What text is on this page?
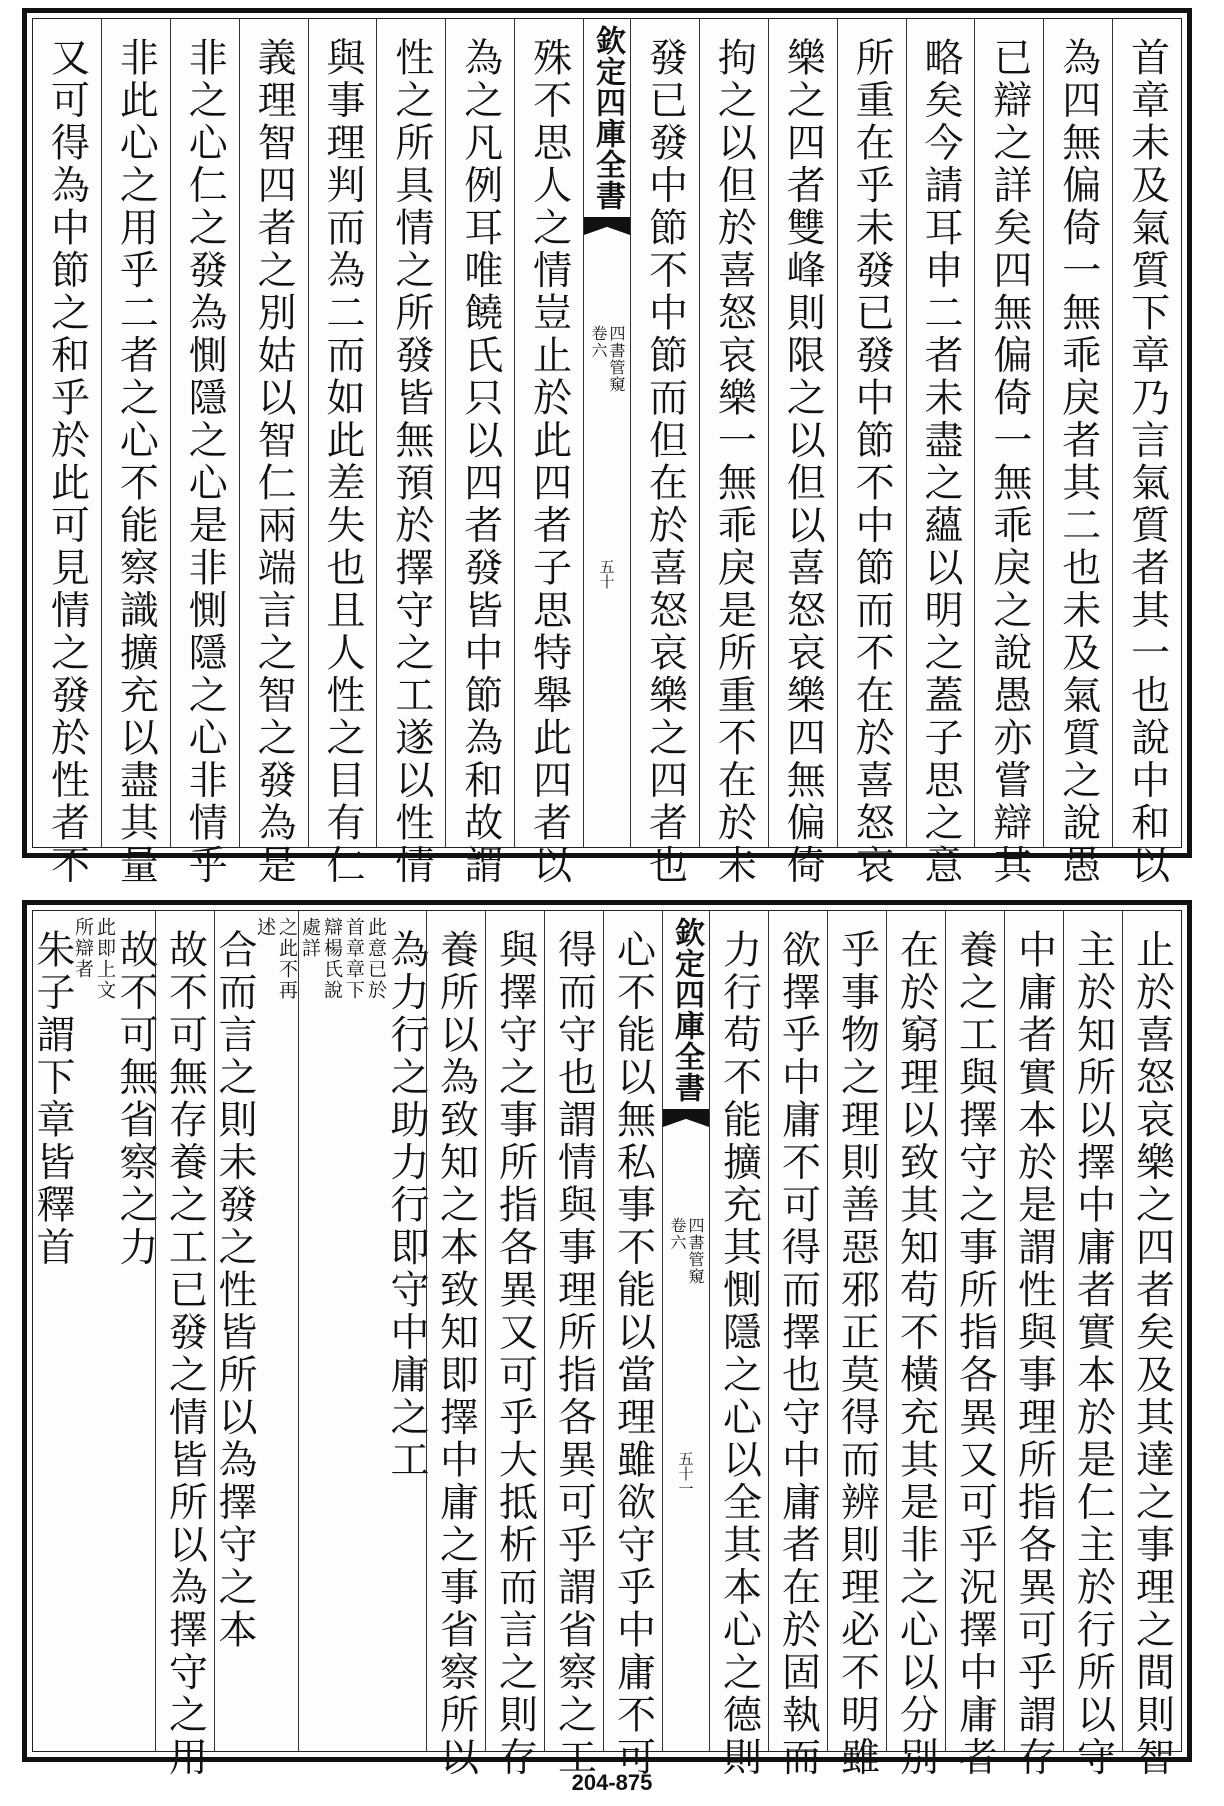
首章未及氣質下章乃言氣質者其一也說中和以
為四無偏倚一無乖戾者其二也未及氣質之說愚
已辯之詳矣四無偏倚一無乖戾之說愚亦嘗辯其
略矣今請耳申二者未盡之蘊以明之蓋子思之意
所重在乎未發已發中節不中節而不在於喜怒哀
樂之四者雙峰則限之以但以喜怒哀樂四無偏倚
拘之以但於喜怒哀樂一無乖戾是所重不在於未
發已發中節不中節而但在於喜怒哀樂之四者也
欽定四庫全書
四書管窺 卷六
五十
殊不思人之情豈止於此四者子思特舉此四者以
為之凡例耳唯饒氏只以四者發皆中節為和故謂
性之所具情之所發皆無預於擇守之工遂以性情
與事理判而為二而如此差失也且人性之目有仁
義理智四者之別姑以智仁兩端言之智之發為是
非之心仁之發為惻隱之心是非惻隱之心非情乎
非此心之用乎二者之心不能察識擴充以盡其量
又可得為中節之和乎於此可見情之發於性者不
止於喜怒哀樂之四者矣及其達之事理之間則智
主於知所以擇中庸者實本於是仁主於行所以守
中庸者實本於是謂性與事理所指各異可乎謂存
養之工與擇守之事所指各異又可乎況擇中庸者
在於窮理以致其知苟不橫充其是非之心以分別
乎事物之理則善惡邪正莫得而辨則理必不明雖
欲擇乎中庸不可得而擇也守中庸者在於固執而
力行苟不能擴充其惻隱之心以全其本心之德則
欽定四庫全書
四書管窺 卷六
五十一
心不能以無私事不能以當理雖欲守乎中庸不可
得而守也謂情與事理所指各異可乎謂省察之工
與擇守之事所指各異又可乎大抵析而言之則存
養所以為致知之本致知即擇中庸之事省察所以
為力行之助力行即守中庸之工
此意已於首章章下辯楊氏說處詳
之此不再述
合而言之則未發之性皆所以為擇守之本
故不可無存養之工已發之情皆所以為擇守之用
故不可無省察之力
此即上文所辯者
朱子謂下章皆釋首
204-875
